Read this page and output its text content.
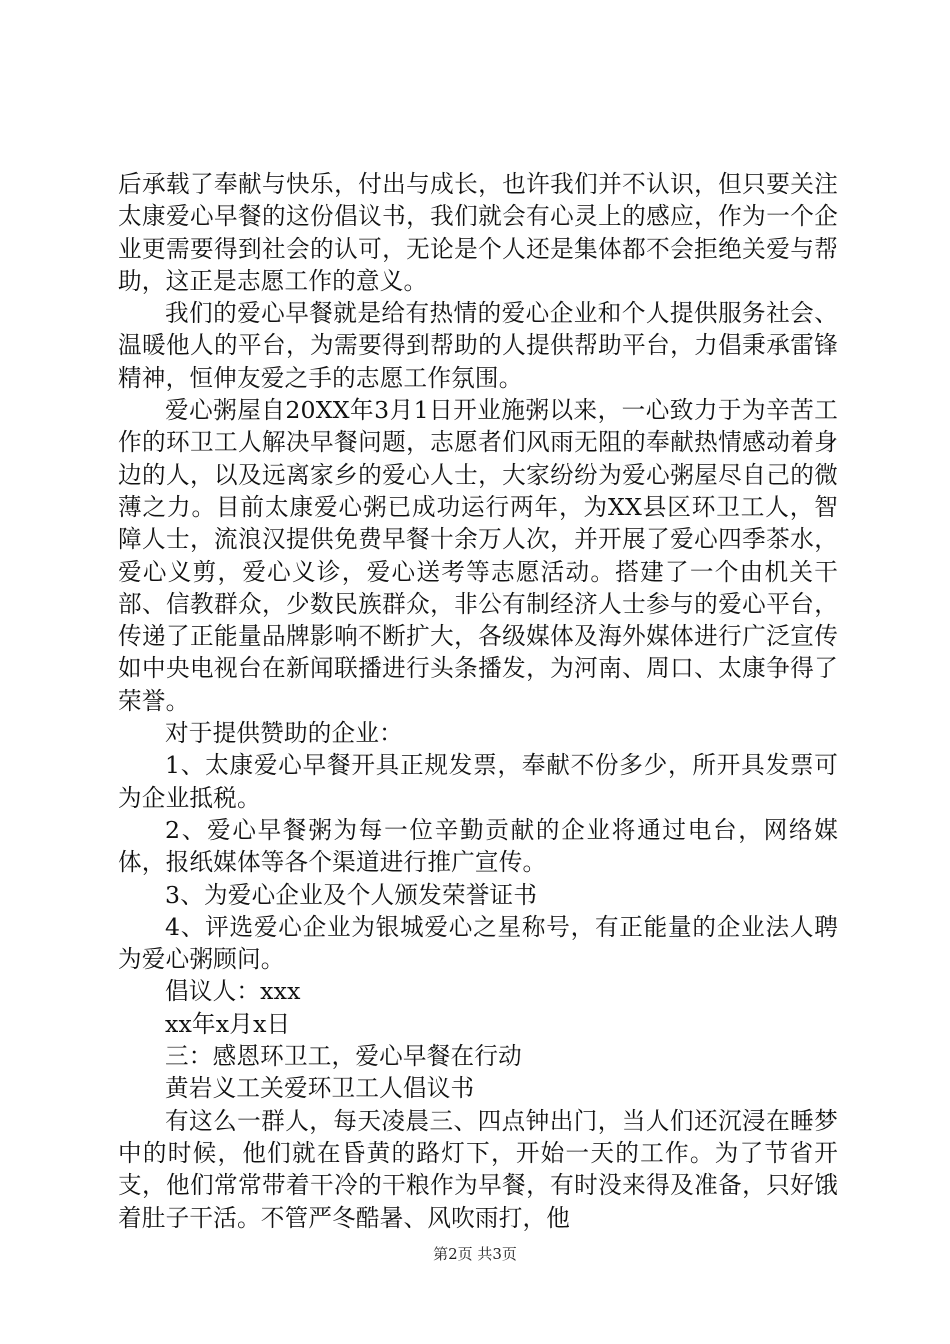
后承载了奉献与快乐，付出与成长，也许我们并不认识，但只要关注太康爱心早餐的这份倡议书，我们就会有心灵上的感应，作为一个企业更需要得到社会的认可，无论是个人还是集体都不会拒绝关爱与帮助，这正是志愿工作的意义。

我们的爱心早餐就是给有热情的爱心企业和个人提供服务社会、温暖他人的平台，为需要得到帮助的人提供帮助平台，力倡秉承雷锋精神，恒伸友爱之手的志愿工作氛围。

爱心粥屋自20XX年3月1日开业施粥以来，一心致力于为辛苦工作的环卫工人解决早餐问题，志愿者们风雨无阻的奉献热情感动着身边的人，以及远离家乡的爱心人士，大家纷纷为爱心粥屋尽自己的微薄之力。目前太康爱心粥已成功运行两年，为XX县区环卫工人，智障人士，流浪汉提供免费早餐十余万人次，并开展了爱心四季茶水，爱心义剪，爱心义诊，爱心送考等志愿活动。搭建了一个由机关干部、信教群众，少数民族群众，非公有制经济人士参与的爱心平台，传递了正能量品牌影响不断扩大，各级媒体及海外媒体进行广泛宣传如中央电视台在新闻联播进行头条播发，为河南、周口、太康争得了荣誉。

对于提供赞助的企业：

1、太康爱心早餐开具正规发票，奉献不份多少，所开具发票可为企业抵税。

2、爱心早餐粥为每一位辛勤贡献的企业将通过电台，网络媒体，报纸媒体等各个渠道进行推广宣传。

3、为爱心企业及个人颁发荣誉证书

4、评选爱心企业为银城爱心之星称号，有正能量的企业法人聘为爱心粥顾问。

倡议人：xxx

xx年x月x日

三：感恩环卫工，爱心早餐在行动

黄岩义工关爱环卫工人倡议书

有这么一群人，每天凌晨三、四点钟出门，当人们还沉浸在睡梦中的时候，他们就在昏黄的路灯下，开始一天的工作。为了节省开支，他们常常带着干冷的干粮作为早餐，有时没来得及准备，只好饿着肚子干活。不管严冬酷暑、风吹雨打，他

第2页 共3页
